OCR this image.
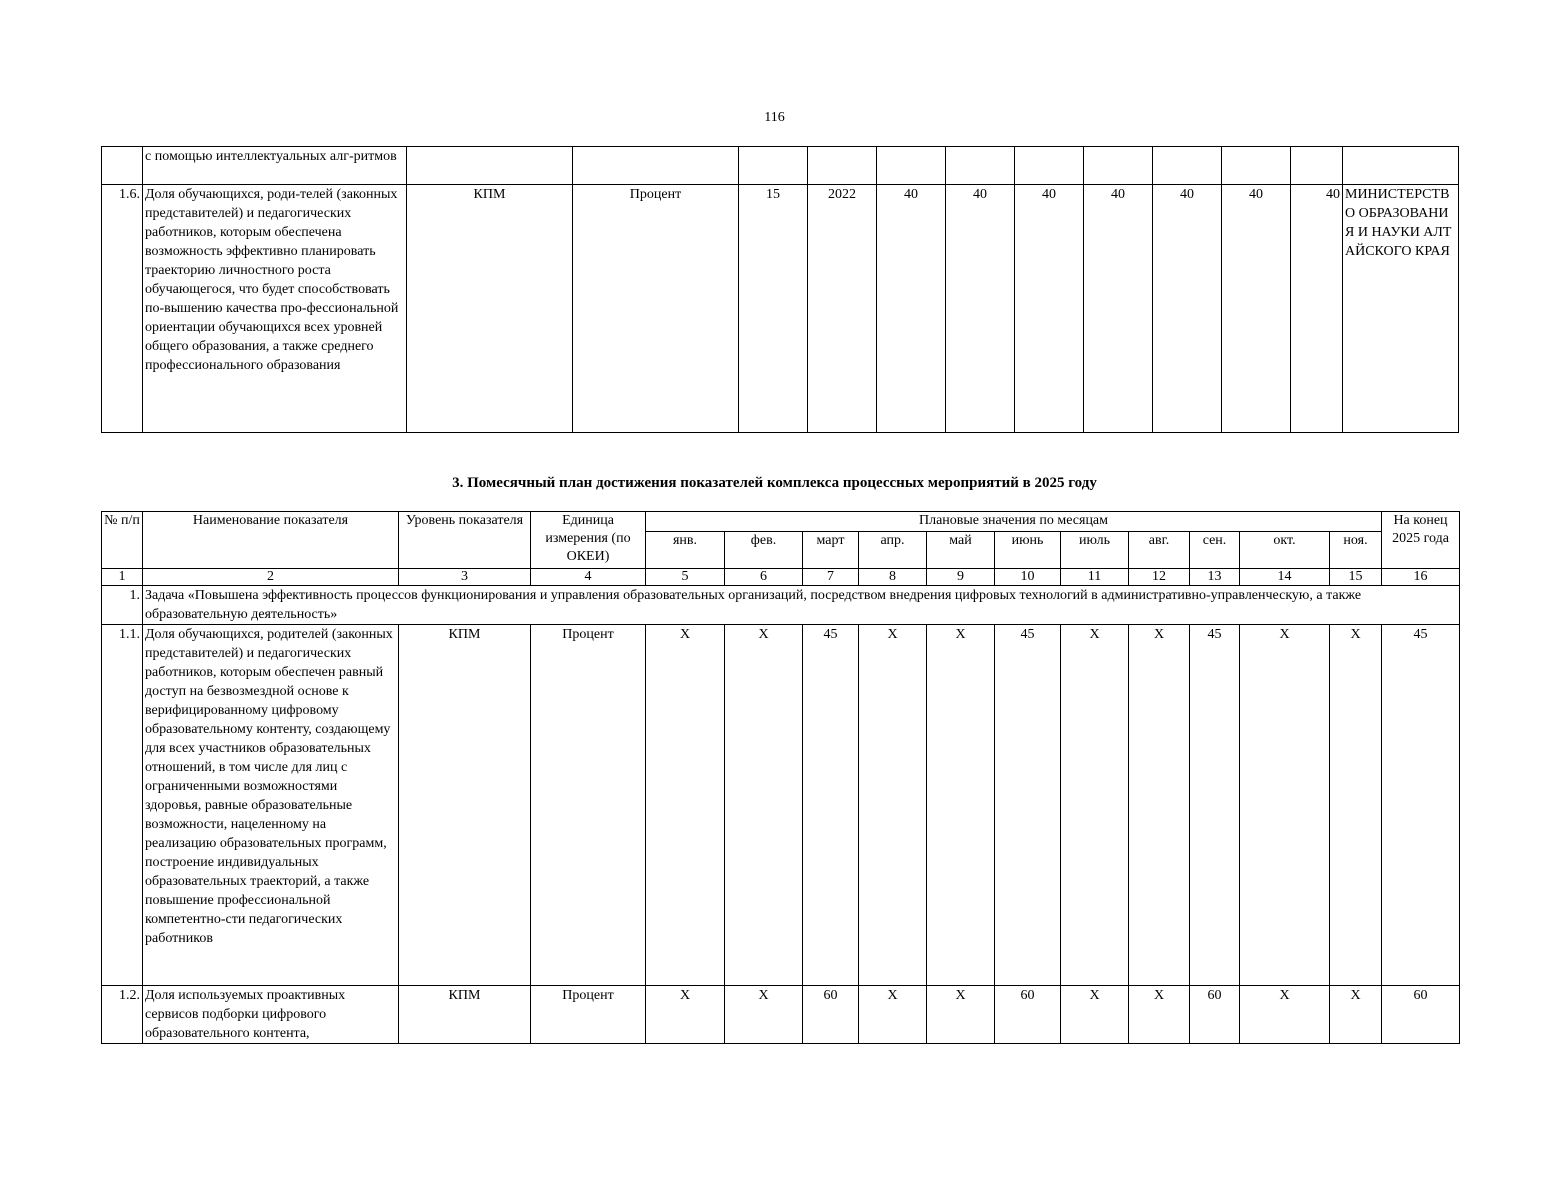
116
	с помощью интеллектуальных алг-ритмов												
1.6.	Доля обучающихся, роди-телей (законных представителей) и педагогических работников, которым обеспечена возможность эффективно планировать траекторию личностного роста обучающегося, что будет способствовать по-вышению качества про-фессиональной ориентации обучающихся всех уровней общего образования, а также среднего профессионального образования	КПМ	Процент	15	2022	40	40	40	40	40	40	40	МИНИСТЕРСТВО ОБРАЗОВАНИЯ И НАУКИ АЛТАЙСКОГО КРАЯ
3. Помесячный план достижения показателей комплекса процессных мероприятий в 2025 году
№ п/п	Наименование показателя	Уровень показателя	Единица измерения (по ОКЕИ)	Плановые значения по месяцам											На конец 2025 года
				янв.	фев.	март	апр.	май	июнь	июль	авг.	сен.	окт.	ноя.	
1	2	3	4	5	6	7	8	9	10	11	12	13	14	15	16
1.	Задача «Повышена эффективность процессов функционирования и управления образовательных организаций, посредством внедрения цифровых технологий в административно-управленческую, а также образовательную деятельность»														
1.1.	Доля обучающихся, родителей (законных представителей) и педагогических работников, которым обеспечен равный доступ на безвозмездной основе к верифицированному цифровому образовательному контенту, создающему для всех участников образовательных отношений, в том числе для лиц с ограниченными возможностями здоровья, равные образовательные возможности, нацеленному на реализацию образовательных программ, построение индивидуальных образовательных траекторий, а также повышение профессиональной компетентно-сти педагогических работников	КПМ	Процент	X	X	45	X	X	45	X	X	45	X	X	45
1.2.	Доля используемых проактивных сервисов подборки цифрового образовательного контента,	КПМ	Процент	X	X	60	X	X	60	X	X	60	X	X	60
